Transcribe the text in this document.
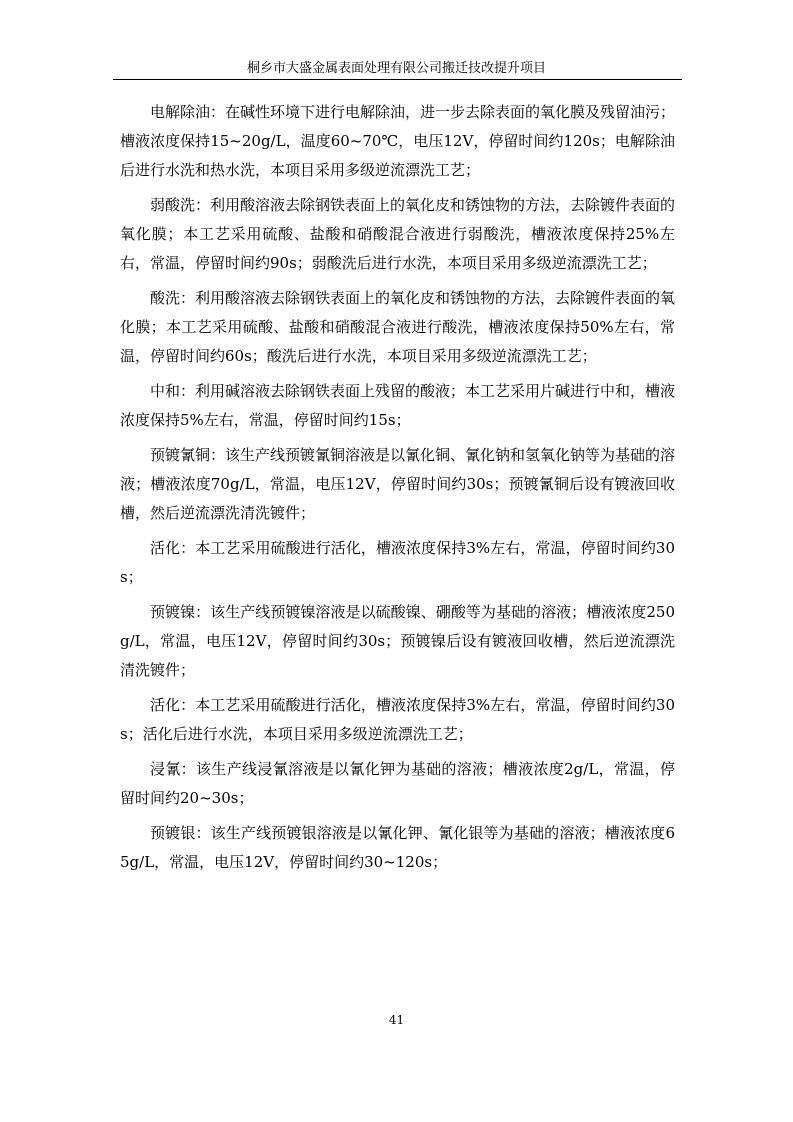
桐乡市大盛金属表面处理有限公司搬迁技改提升项目

电解除油：在碱性环境下进行电解除油，进一步去除表面的氧化膜及残留油污；槽液浓度保持15~20g/L，温度60~70℃，电压12V，停留时间约120s；电解除油后进行水洗和热水洗，本项目采用多级逆流漂洗工艺；

弱酸洗：利用酸溶液去除钢铁表面上的氧化皮和锈蚀物的方法，去除镀件表面的氧化膜；本工艺采用硫酸、盐酸和硝酸混合液进行弱酸洗，槽液浓度保持25%左右，常温，停留时间约90s；弱酸洗后进行水洗，本项目采用多级逆流漂洗工艺；

酸洗：利用酸溶液去除钢铁表面上的氧化皮和锈蚀物的方法，去除镀件表面的氧化膜；本工艺采用硫酸、盐酸和硝酸混合液进行酸洗，槽液浓度保持50%左右，常温，停留时间约60s；酸洗后进行水洗，本项目采用多级逆流漂洗工艺；

中和：利用碱溶液去除钢铁表面上残留的酸液；本工艺采用片碱进行中和，槽液浓度保持5%左右，常温，停留时间约15s；

预镀氰铜：该生产线预镀氰铜溶液是以氰化铜、氰化钠和氢氧化钠等为基础的溶液；槽液浓度70g/L，常温，电压12V，停留时间约30s；预镀氰铜后设有镀液回收槽，然后逆流漂洗清洗镀件；

活化：本工艺采用硫酸进行活化，槽液浓度保持3%左右，常温，停留时间约30s；

预镀镍：该生产线预镀镍溶液是以硫酸镍、硼酸等为基础的溶液；槽液浓度250g/L，常温，电压12V，停留时间约30s；预镀镍后设有镀液回收槽，然后逆流漂洗清洗镀件；

活化：本工艺采用硫酸进行活化，槽液浓度保持3%左右，常温，停留时间约30s；活化后进行水洗，本项目采用多级逆流漂洗工艺；

浸氰：该生产线浸氰溶液是以氰化钾为基础的溶液；槽液浓度2g/L，常温，停留时间约20~30s；

预镀银：该生产线预镀银溶液是以氰化钾、氰化银等为基础的溶液；槽液浓度65g/L，常温，电压12V，停留时间约30~120s；

41
